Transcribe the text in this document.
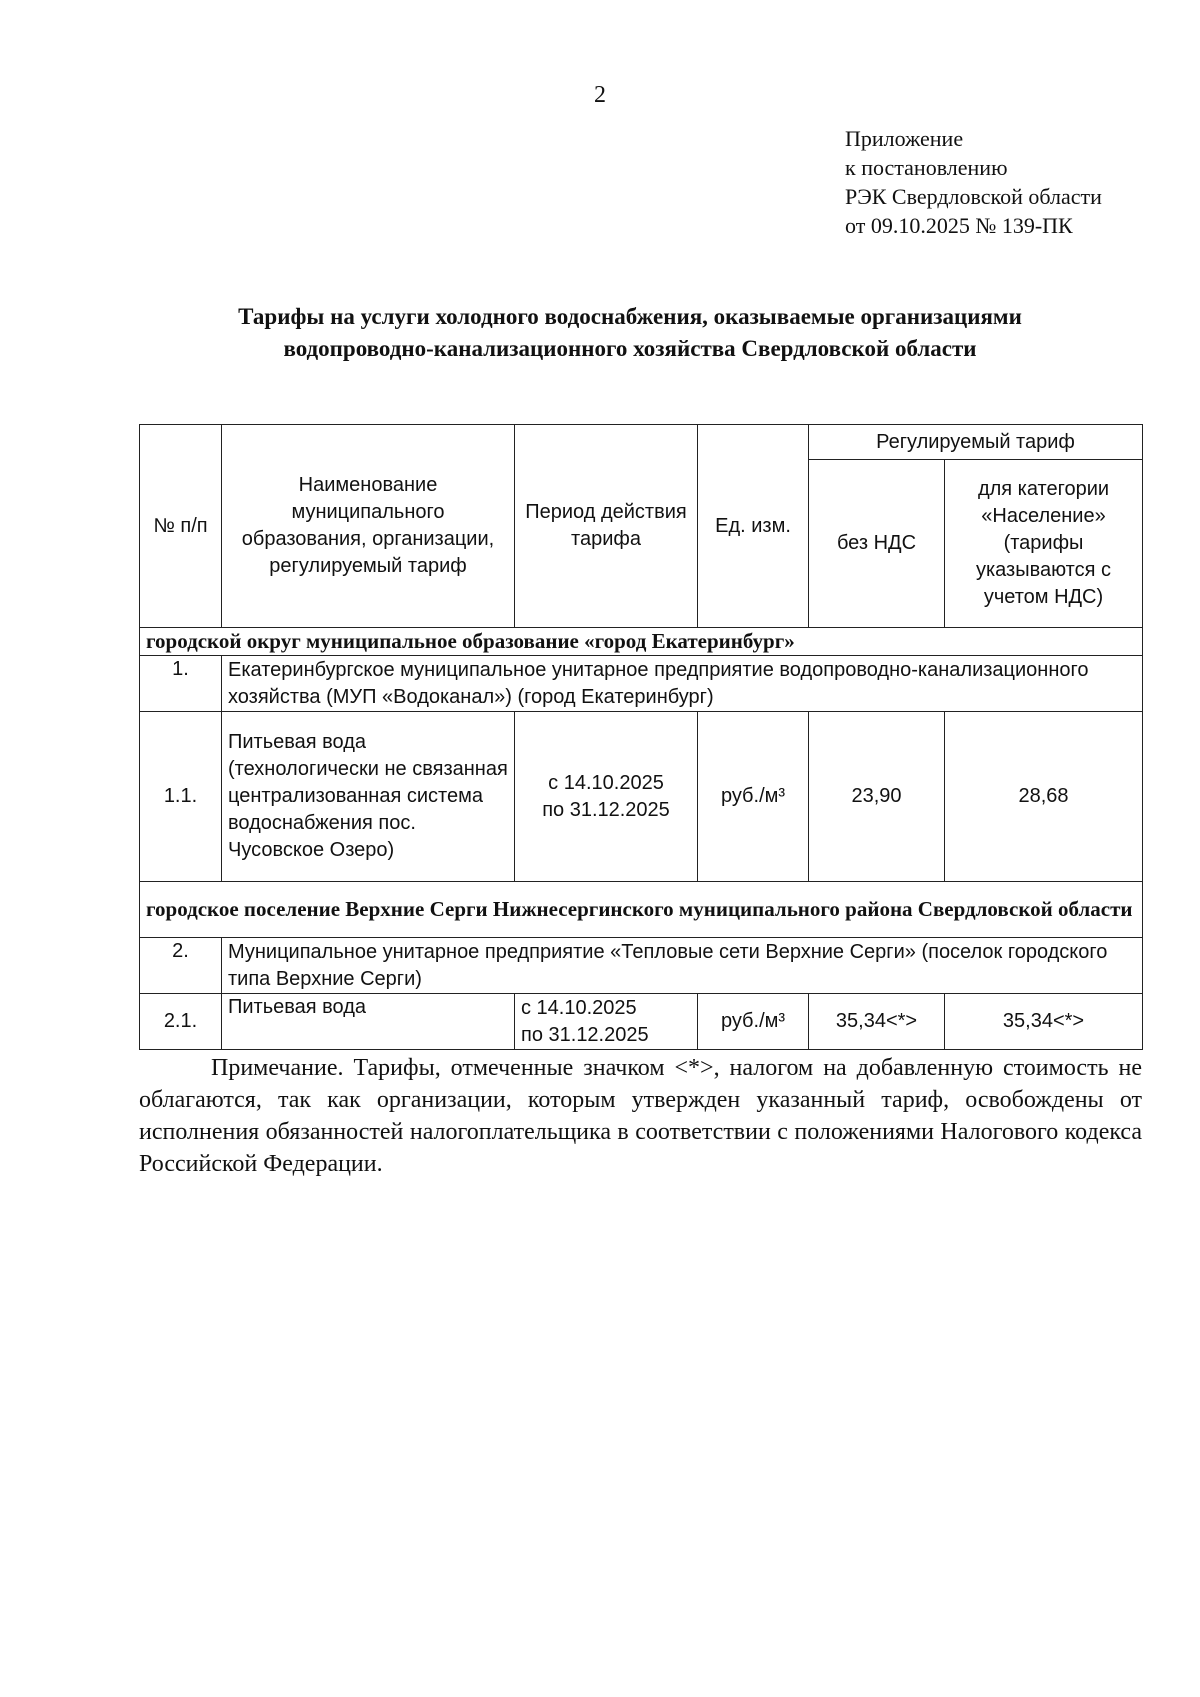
2
Приложение
к постановлению
РЭК Свердловской области
от 09.10.2025 № 139-ПК
Тарифы на услуги холодного водоснабжения, оказываемые организациями
водопроводно-канализационного хозяйства Свердловской области
№ п/п	Наименование муниципального образования, организации, регулируемый тариф	Период действия тарифа	Ед. изм.	Регулируемый тариф	
				без НДС	для категории «Население» (тарифы указываются с учетом НДС)
городской округ муниципальное образование «город Екатеринбург»					
1.	Екатеринбургское муниципальное унитарное предприятие водопроводно-канализационного хозяйства (МУП «Водоканал») (город Екатеринбург)				
1.1.	Питьевая вода (технологически не связанная централизованная система водоснабжения пос. Чусовское Озеро)	с 14.10.2025
по 31.12.2025	руб./м³	23,90	28,68
городское поселение Верхние Серги Нижнесергинского муниципального района Свердловской области					
2.	Муниципальное унитарное предприятие «Тепловые сети Верхние Серги» (поселок городского типа Верхние Серги)				
2.1.	Питьевая вода	с 14.10.2025
по 31.12.2025	руб./м³	35,34<*>	35,34<*>

Примечание. Тарифы, отмеченные значком <*>, налогом на добавленную стоимость не облагаются, так как организации, которым утвержден указанный тариф, освобождены от исполнения обязанностей налогоплательщика в соответствии с положениями Налогового кодекса Российской Федерации.
